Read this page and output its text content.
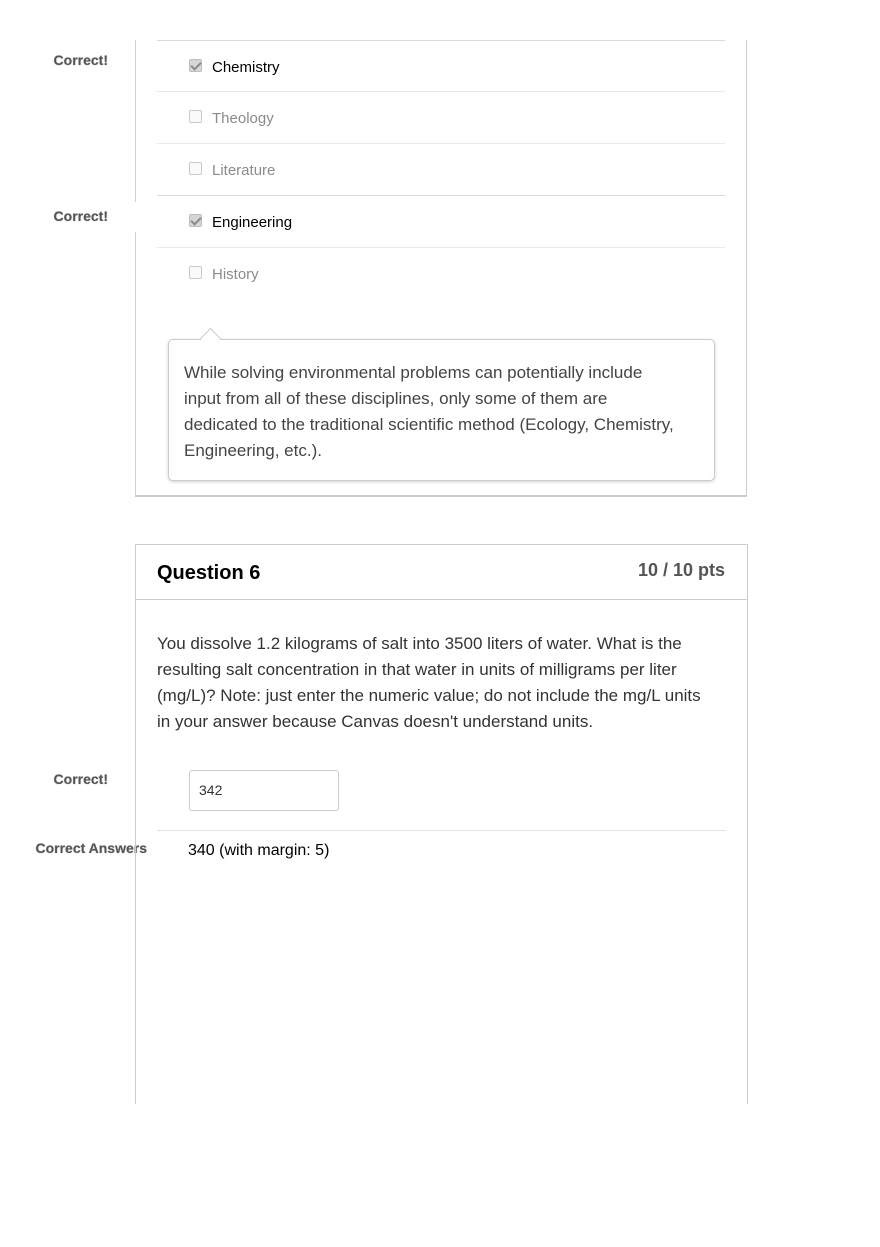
Correct!
Correct!
Correct!
Correct Answers
Chemistry
Theology
Literature
Engineering
History
While solving environmental problems can potentially include input from all of these disciplines, only some of them are dedicated to the traditional scientific method (Ecology, Chemistry, Engineering, etc.).
Question 6	10 / 10 pts
You dissolve 1.2 kilograms of salt into 3500 liters of water. What is the resulting salt concentration in that water in units of milligrams per liter (mg/L)? Note: just enter the numeric value; do not include the mg/L units in your answer because Canvas doesn't understand units.
342
340 (with margin: 5)
